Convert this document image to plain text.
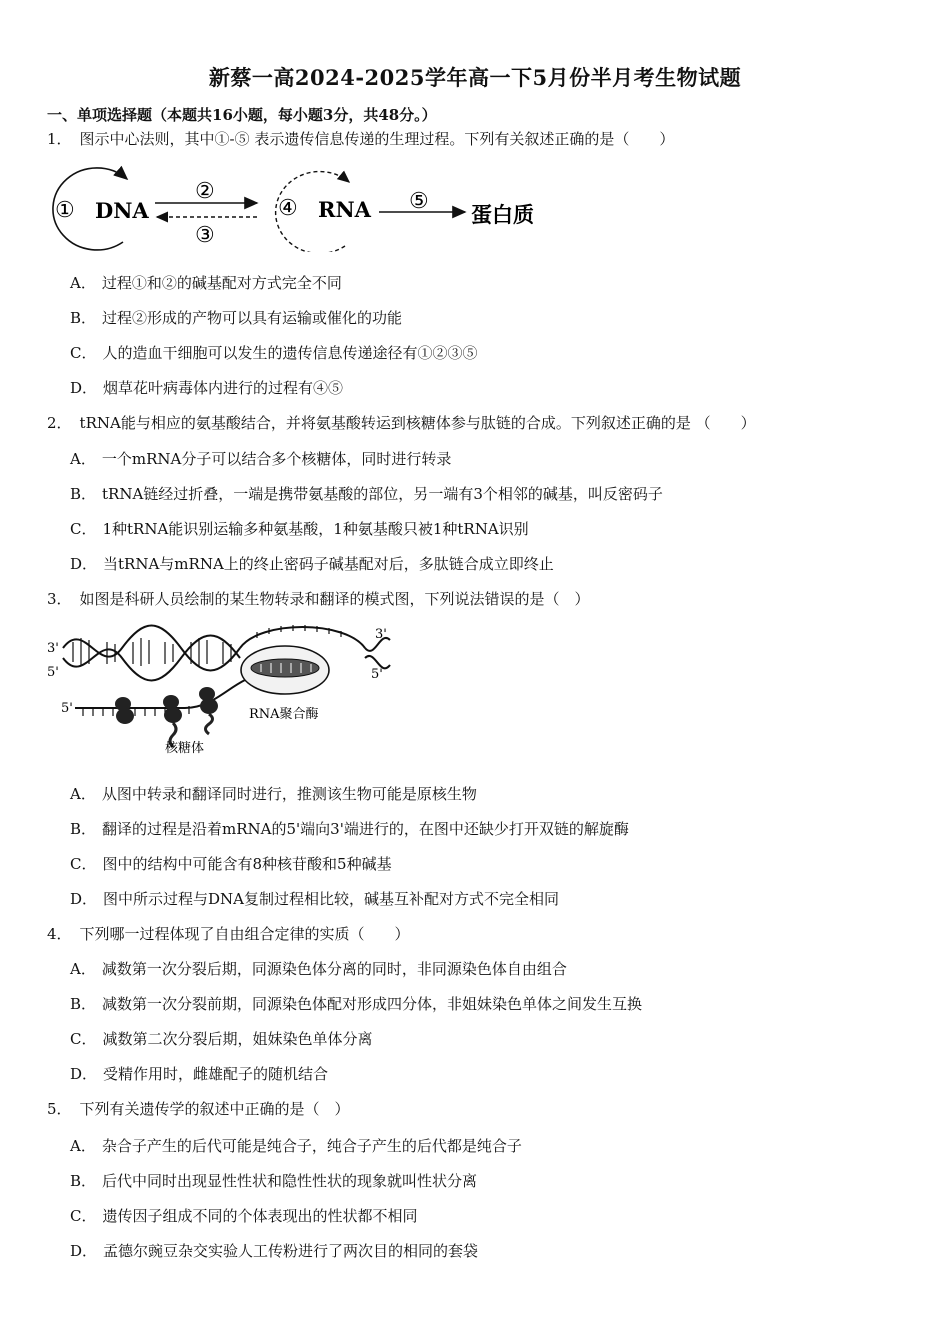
新蔡一高2024-2025学年高一下5月份半月考生物试题
一、单项选择题（本题共16小题，每小题3分，共48分。）
1． 图示中心法则，其中①-⑤ 表示遗传信息传递的生理过程。下列有关叙述正确的是（　　）
① DNA
②
③
④ RNA ⑤
蛋白质
A． 过程①和②的碱基配对方式完全不同
B． 过程②形成的产物可以具有运输或催化的功能
C． 人的造血干细胞可以发生的遗传信息传递途径有①②③⑤
D． 烟草花叶病毒体内进行的过程有④⑤
2． tRNA能与相应的氨基酸结合，并将氨基酸转运到核糖体参与肽链的合成。下列叙述正确的是 （　　）
A． 一个mRNA分子可以结合多个核糖体，同时进行转录
B． tRNA链经过折叠，一端是携带氨基酸的部位，另一端有3个相邻的碱基，叫反密码子
C． 1种tRNA能识别运输多种氨基酸，1种氨基酸只被1种tRNA识别
D． 当tRNA与mRNA上的终止密码子碱基配对后，多肽链合成立即终止
3． 如图是科研人员绘制的某生物转录和翻译的模式图，下列说法错误的是（　）
3'
5'
3'
5'
5'	RNA聚合酶
核糖体
A． 从图中转录和翻译同时进行，推测该生物可能是原核生物
B． 翻译的过程是沿着mRNA的5'端向3'端进行的，在图中还缺少打开双链的解旋酶
C． 图中的结构中可能含有8种核苷酸和5种碱基
D． 图中所示过程与DNA复制过程相比较，碱基互补配对方式不完全相同
4． 下列哪一过程体现了自由组合定律的实质（　　）
A． 减数第一次分裂后期，同源染色体分离的同时，非同源染色体自由组合
B． 减数第一次分裂前期，同源染色体配对形成四分体，非姐妹染色单体之间发生互换
C． 减数第二次分裂后期，姐妹染色单体分离
D． 受精作用时，雌雄配子的随机结合
5． 下列有关遗传学的叙述中正确的是（　）
A． 杂合子产生的后代可能是纯合子，纯合子产生的后代都是纯合子
B． 后代中同时出现显性性状和隐性性状的现象就叫性状分离
C． 遗传因子组成不同的个体表现出的性状都不相同
D． 孟德尔豌豆杂交实验人工传粉进行了两次目的相同的套袋
